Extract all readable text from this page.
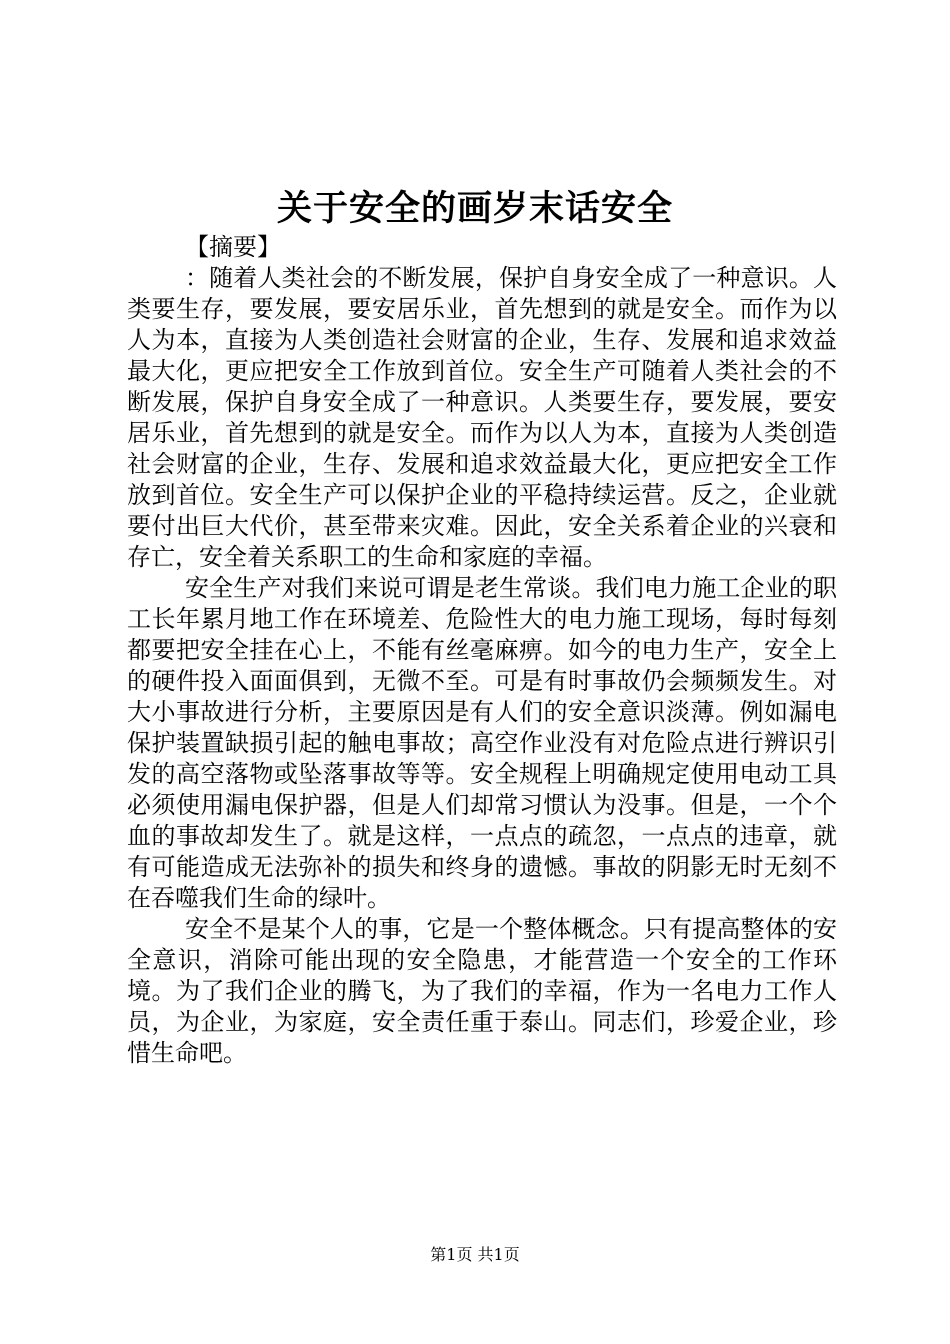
关于安全的画岁末话安全
【摘要】

：随着人类社会的不断发展，保护自身安全成了一种意识。人类要生存，要发展，要安居乐业，首先想到的就是安全。而作为以人为本，直接为人类创造社会财富的企业，生存、发展和追求效益最大化，更应把安全工作放到首位。安全生产可随着人类社会的不断发展，保护自身安全成了一种意识。人类要生存，要发展，要安居乐业，首先想到的就是安全。而作为以人为本，直接为人类创造社会财富的企业，生存、发展和追求效益最大化，更应把安全工作放到首位。安全生产可以保护企业的平稳持续运营。反之，企业就要付出巨大代价，甚至带来灾难。因此，安全关系着企业的兴衰和存亡，安全着关系职工的生命和家庭的幸福。

安全生产对我们来说可谓是老生常谈。我们电力施工企业的职工长年累月地工作在环境差、危险性大的电力施工现场，每时每刻都要把安全挂在心上，不能有丝毫麻痹。如今的电力生产，安全上的硬件投入面面俱到，无微不至。可是有时事故仍会频频发生。对大小事故进行分析，主要原因是有人们的安全意识淡薄。例如漏电保护装置缺损引起的触电事故；高空作业没有对危险点进行辨识引发的高空落物或坠落事故等等。安全规程上明确规定使用电动工具必须使用漏电保护器，但是人们却常习惯认为没事。但是，一个个血的事故却发生了。就是这样，一点点的疏忽，一点点的违章，就有可能造成无法弥补的损失和终身的遗憾。事故的阴影无时无刻不在吞噬我们生命的绿叶。

安全不是某个人的事，它是一个整体概念。只有提高整体的安全意识，消除可能出现的安全隐患，才能营造一个安全的工作环境。为了我们企业的腾飞，为了我们的幸福，作为一名电力工作人员，为企业，为家庭，安全责任重于泰山。同志们，珍爱企业，珍惜生命吧。

第1页 共1页
